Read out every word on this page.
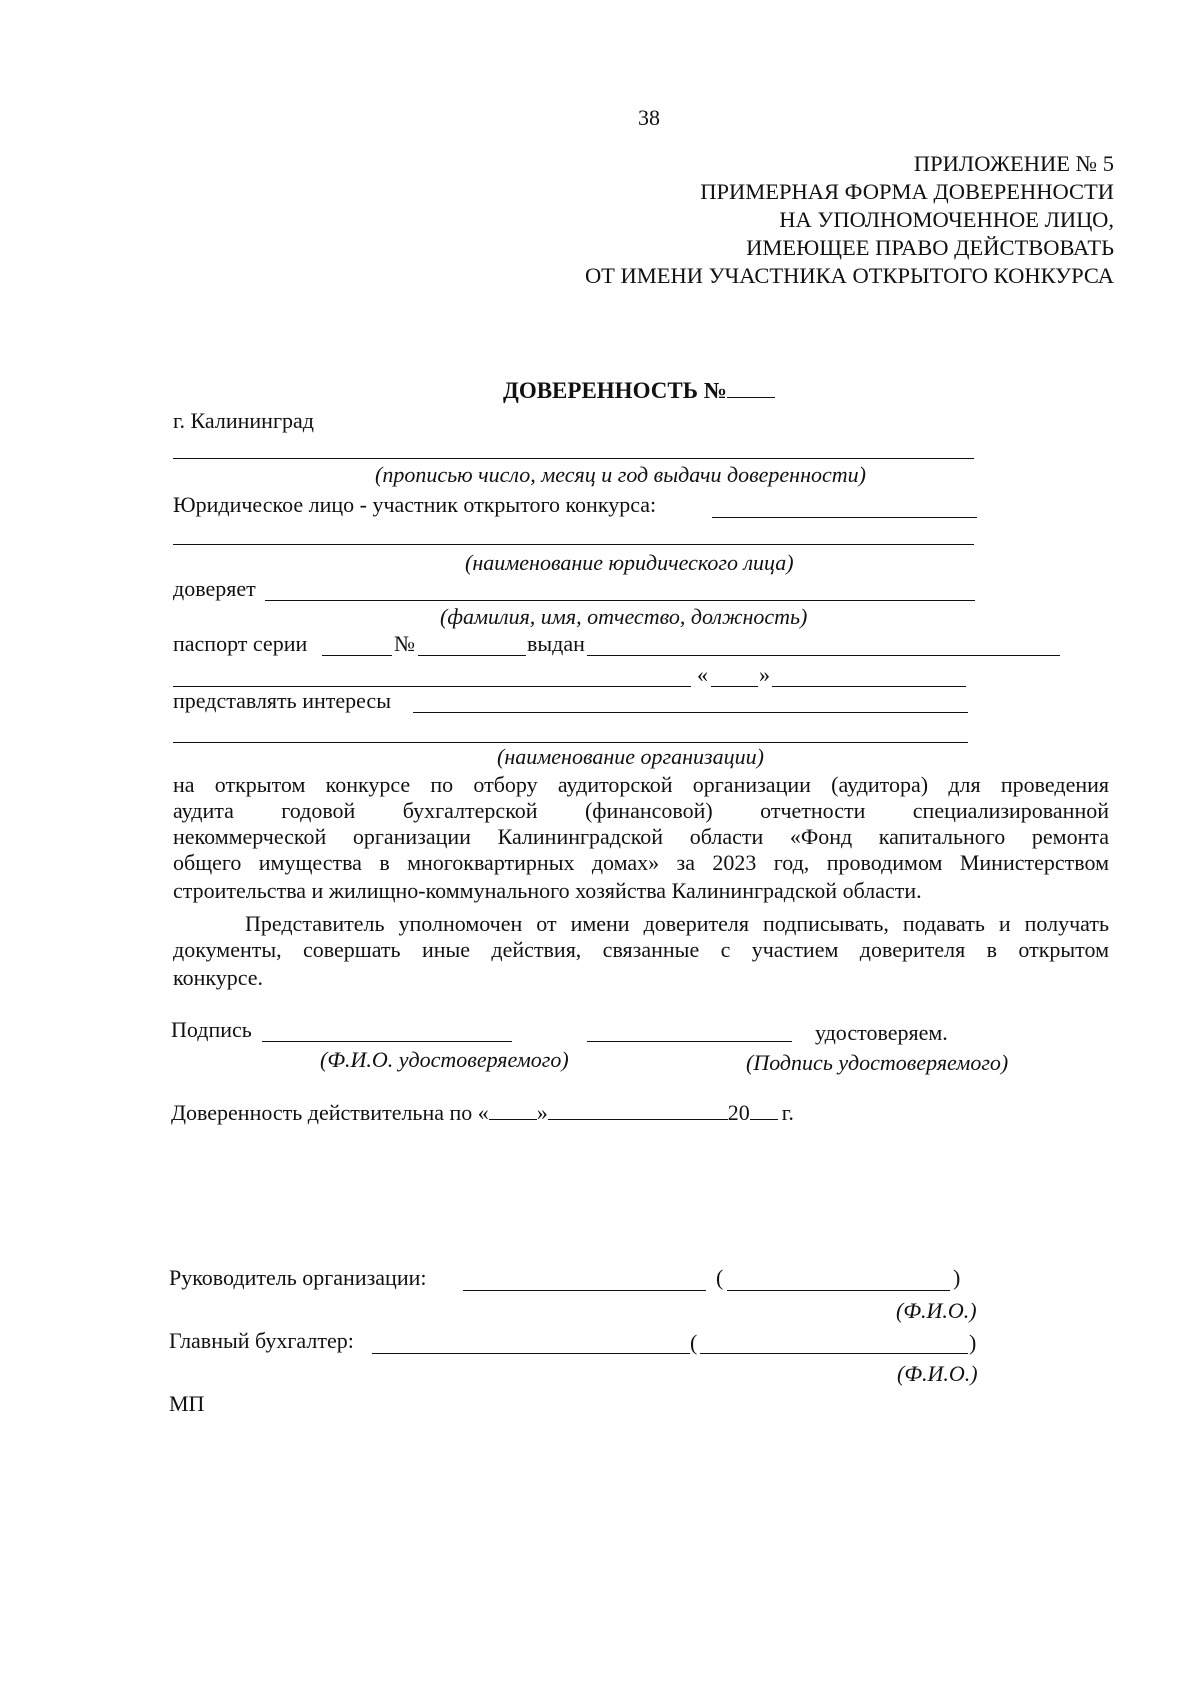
38
ПРИЛОЖЕНИЕ № 5
ПРИМЕРНАЯ ФОРМА ДОВЕРЕННОСТИ
НА УПОЛНОМОЧЕННОЕ ЛИЦО,
ИМЕЮЩЕЕ ПРАВО ДЕЙСТВОВАТЬ
ОТ ИМЕНИ УЧАСТНИКА ОТКРЫТОГО КОНКУРСА
ДОВЕРЕННОСТЬ №
г. Калининград
(прописью число, месяц и год выдачи доверенности)
Юридическое лицо - участник открытого конкурса:
(наименование юридического лица)
доверяет
(фамилия, имя, отчество, должность)
паспорт серии	№	выдан
« »
представлять интересы
(наименование организации)
на открытом конкурсе по отбору аудиторской организации (аудитора) для проведения
аудита годовой бухгалтерской (финансовой) отчетности специализированной
некоммерческой организации Калининградской области «Фонд капитального ремонта
общего имущества в многоквартирных домах» за 2023 год, проводимом Министерством
строительства и жилищно-коммунального хозяйства Калининградской области.
Представитель уполномочен от имени доверителя подписывать, подавать и получать
документы, совершать иные действия, связанные с участием доверителя в открытом
конкурсе.
Подпись	удостоверяем.
(Ф.И.О. удостоверяемого)	(Подпись удостоверяемого)
Доверенность действительна по « »	20 г.
Руководитель организации:	(	)
(Ф.И.О.)
Главный бухгалтер:	(	)
(Ф.И.О.)
МП
